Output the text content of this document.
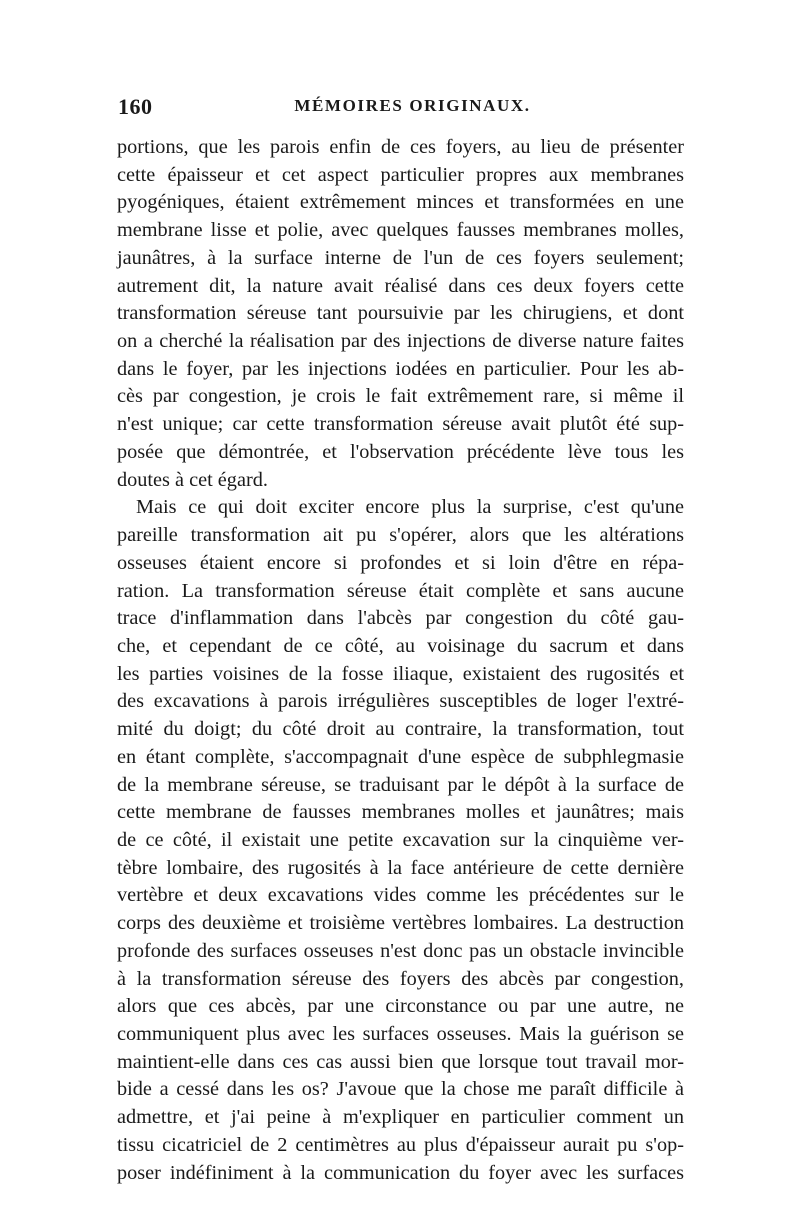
160	MÉMOIRES ORIGINAUX.
portions, que les parois enfin de ces foyers, au lieu de présenter
cette épaisseur et cet aspect particulier propres aux membranes
pyogéniques, étaient extrêmement minces et transformées en une
membrane lisse et polie, avec quelques fausses membranes molles,
jaunâtres, à la surface interne de l'un de ces foyers seulement;
autrement dit, la nature avait réalisé dans ces deux foyers cette
transformation séreuse tant poursuivie par les chirugiens, et dont
on a cherché la réalisation par des injections de diverse nature faites
dans le foyer, par les injections iodées en particulier. Pour les ab-
cès par congestion, je crois le fait extrêmement rare, si même il
n'est unique; car cette transformation séreuse avait plutôt été sup-
posée que démontrée, et l'observation précédente lève tous les
doutes à cet égard.
Mais ce qui doit exciter encore plus la surprise, c'est qu'une
pareille transformation ait pu s'opérer, alors que les altérations
osseuses étaient encore si profondes et si loin d'être en répa-
ration. La transformation séreuse était complète et sans aucune
trace d'inflammation dans l'abcès par congestion du côté gau-
che, et cependant de ce côté, au voisinage du sacrum et dans
les parties voisines de la fosse iliaque, existaient des rugosités et
des excavations à parois irrégulières susceptibles de loger l'extré-
mité du doigt; du côté droit au contraire, la transformation, tout
en étant complète, s'accompagnait d'une espèce de subphlegmasie
de la membrane séreuse, se traduisant par le dépôt à la surface de
cette membrane de fausses membranes molles et jaunâtres; mais
de ce côté, il existait une petite excavation sur la cinquième ver-
tèbre lombaire, des rugosités à la face antérieure de cette dernière
vertèbre et deux excavations vides comme les précédentes sur le
corps des deuxième et troisième vertèbres lombaires. La destruction
profonde des surfaces osseuses n'est donc pas un obstacle invincible
à la transformation séreuse des foyers des abcès par congestion,
alors que ces abcès, par une circonstance ou par une autre, ne
communiquent plus avec les surfaces osseuses. Mais la guérison se
maintient-elle dans ces cas aussi bien que lorsque tout travail mor-
bide a cessé dans les os? J'avoue que la chose me paraît difficile à
admettre, et j'ai peine à m'expliquer en particulier comment un
tissu cicatriciel de 2 centimètres au plus d'épaisseur aurait pu s'op-
poser indéfiniment à la communication du foyer avec les surfaces
